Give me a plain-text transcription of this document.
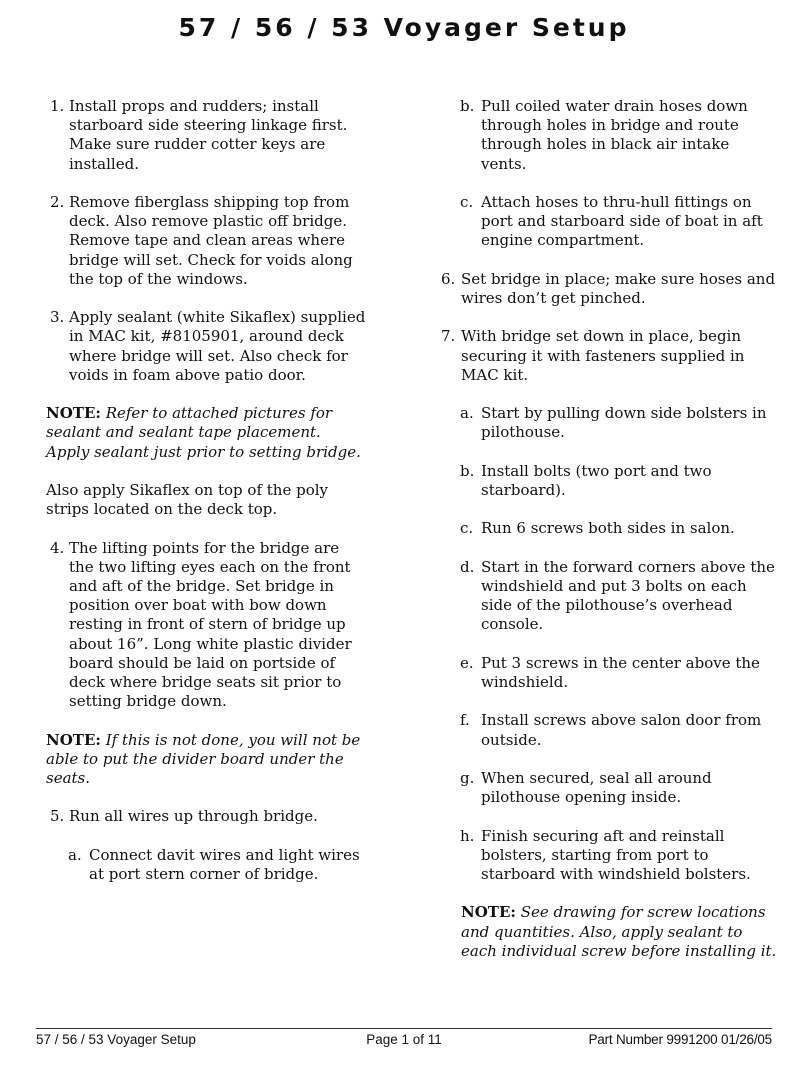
57 / 56 / 53 Voyager Setup
1. Install props and rudders; install starboard side steering linkage first. Make sure rudder cotter keys are installed.
2. Remove fiberglass shipping top from deck. Also remove plastic off bridge. Remove tape and clean areas where bridge will set. Check for voids along the top of the windows.
3. Apply sealant (white Sikaflex) supplied in MAC kit, #8105901, around deck where bridge will set. Also check for voids in foam above patio door.
NOTE: Refer to attached pictures for sealant and sealant tape placement. Apply sealant just prior to setting bridge.
Also apply Sikaflex on top of the poly strips located on the deck top.
4. The lifting points for the bridge are the two lifting eyes each on the front and aft of the bridge. Set bridge in position over boat with bow down resting in front of stern of bridge up about 16”. Long white plastic divider board should be laid on portside of deck where bridge seats sit prior to setting bridge down.
NOTE: If this is not done, you will not be able to put the divider board under the seats.
5. Run all wires up through bridge.
a. Connect davit wires and light wires at port stern corner of bridge.
b. Pull coiled water drain hoses down through holes in bridge and route through holes in black air intake vents.
c. Attach hoses to thru-hull fittings on port and starboard side of boat in aft engine compartment.
6. Set bridge in place; make sure hoses and wires don’t get pinched.
7. With bridge set down in place, begin securing it with fasteners supplied in MAC kit.
a. Start by pulling down side bolsters in pilothouse.
b. Install bolts (two port and two starboard).
c. Run 6 screws both sides in salon.
d. Start in the forward corners above the windshield and put 3 bolts on each side of the pilothouse’s overhead console.
e. Put 3 screws in the center above the windshield.
f. Install screws above salon door from outside.
g. When secured, seal all around pilothouse opening inside.
h. Finish securing aft and reinstall bolsters, starting from port to starboard with windshield bolsters.
NOTE: See drawing for screw locations and quantities. Also, apply sealant to each individual screw before installing it.
57 / 56 / 53 Voyager Setup	Page 1 of 11	Part Number 9991200 01/26/05
